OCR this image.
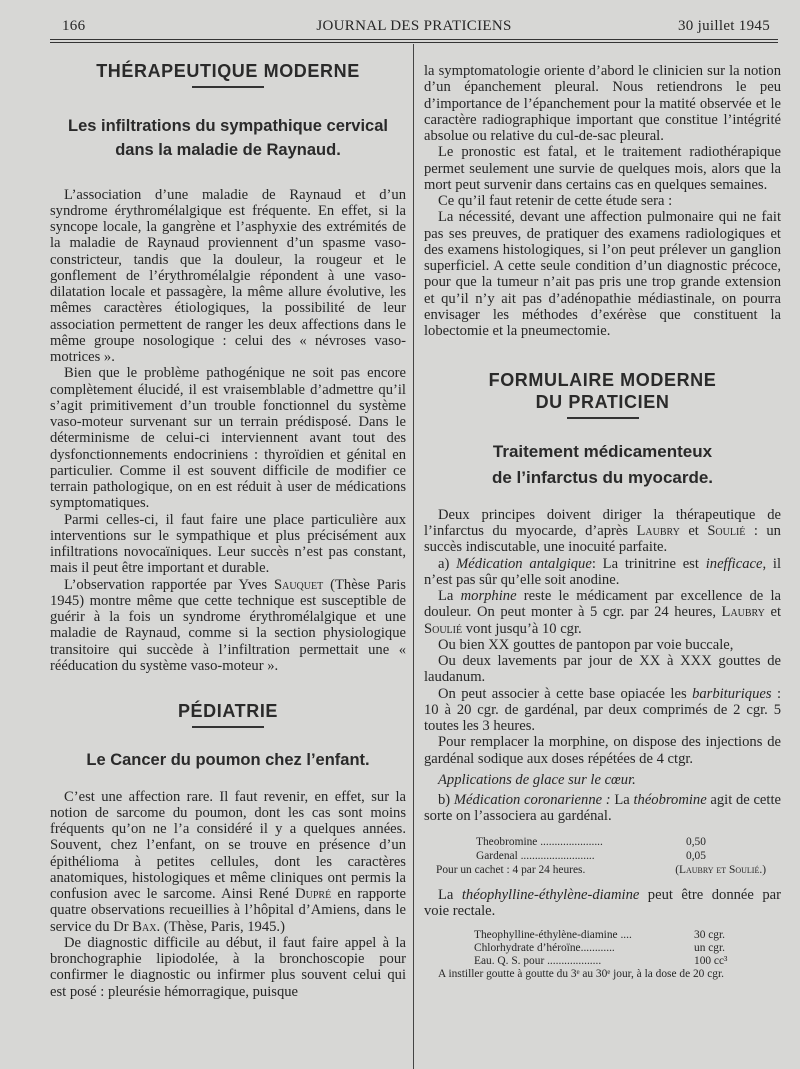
166	JOURNAL DES PRATICIENS	30 juillet 1945
THÉRAPEUTIQUE MODERNE
Les infiltrations du sympathique cervical
dans la maladie de Raynaud.

L’association d’une maladie de Raynaud et d’un syndrome érythromélalgique est fréquente. En effet, si la syncope locale, la gangrène et l’asphyxie des extrémités de la maladie de Raynaud proviennent d’un spasme vaso-constricteur, tandis que la douleur, la rougeur et le gonflement de l’érythromélalgie répondent à une vaso-dilatation locale et passagère, la même allure évolutive, les mêmes caractères étiologiques, la possibilité de leur association permettent de ranger les deux affections dans le même groupe nosologique : celui des « névroses vaso-motrices ».

Bien que le problème pathogénique ne soit pas encore complètement élucidé, il est vraisemblable d’admettre qu’il s’agit primitivement d’un trouble fonctionnel du système vaso-moteur survenant sur un terrain prédisposé. Dans le déterminisme de celui-ci interviennent avant tout des dysfonctionnements endocriniens : thyroïdien et génital en particulier. Comme il est souvent difficile de modifier ce terrain pathologique, on en est réduit à user de médications symptomatiques.

Parmi celles-ci, il faut faire une place particulière aux interventions sur le sympathique et plus précisément aux infiltrations novocaïniques. Leur succès n’est pas constant, mais il peut être important et durable.

L’observation rapportée par Yves Sauquet (Thèse Paris 1945) montre même que cette technique est susceptible de guérir à la fois un syndrome érythromélalgique et une maladie de Raynaud, comme si la section physiologique transitoire qui succède à l’infiltration permettait une « rééducation du système vaso-moteur ».

PÉDIATRIE
Le Cancer du poumon chez l’enfant.

C’est une affection rare. Il faut revenir, en effet, sur la notion de sarcome du poumon, dont les cas sont moins fréquents qu’on ne l’a considéré il y a quelques années. Souvent, chez l’enfant, on se trouve en présence d’un épithélioma à petites cellules, dont les caractères anatomiques, histologiques et même cliniques ont permis la confusion avec le sarcome. Ainsi René Dupré en rapporte quatre observations recueillies à l’hôpital d’Amiens, dans le service du Dr Bax. (Thèse, Paris, 1945.)

De diagnostic difficile au début, il faut faire appel à la bronchographie lipiodolée, à la bronchoscopie pour confirmer le diagnostic ou infirmer plus souvent celui qui est posé : pleurésie hémorragique, puisque

la symptomatologie oriente d’abord le clinicien sur la notion d’un épanchement pleural. Nous retiendrons le peu d’importance de l’épanchement pour la matité observée et le caractère radiographique important que constitue l’intégrité absolue ou relative du cul-de-sac pleural.

Le pronostic est fatal, et le traitement radiothérapique permet seulement une survie de quelques mois, alors que la mort peut survenir dans certains cas en quelques semaines.

Ce qu’il faut retenir de cette étude sera :

La nécessité, devant une affection pulmonaire qui ne fait pas ses preuves, de pratiquer des examens radiologiques et des examens histologiques, si l’on peut prélever un ganglion superficiel. A cette seule condition d’un diagnostic précoce, pour que la tumeur n’ait pas pris une trop grande extension et qu’il n’y ait pas d’adénopathie médiastinale, on pourra envisager les méthodes d’exérèse que constituent la lobectomie et la pneumectomie.

FORMULAIRE MODERNE
DU PRATICIEN
Traitement médicamenteux
de l’infarctus du myocarde.

Deux principes doivent diriger la thérapeutique de l’infarctus du myocarde, d’après Laubry et Soulié : un succès indiscutable, une inocuité parfaite.

a) Médication antalgique: La trinitrine est inefficace, il n’est pas sûr qu’elle soit anodine.

La morphine reste le médicament par excellence de la douleur. On peut monter à 5 cgr. par 24 heures, Laubry et Soulié vont jusqu’à 10 cgr.

Ou bien XX gouttes de pantopon par voie buccale,

Ou deux lavements par jour de XX à XXX gouttes de laudanum.

On peut associer à cette base opiacée les barbituriques : 10 à 20 cgr. de gardénal, par deux comprimés de 2 cgr. 5 toutes les 3 heures.

Pour remplacer la morphine, on dispose des injections de gardénal sodique aux doses répétées de 4 ctgr.

Applications de glace sur le cœur.

b) Médication coronarienne : La théobromine agit de cette sorte on l’associera au gardénal.

Theobromine ......................	0,50
Gardenal ..........................	0,05
Pour un cachet : 4 par 24 heures.	(Laubry et Soulié.)

La théophylline-éthylène-diamine peut être donnée par voie rectale.

Theophylline-éthylène-diamine ....	30 cgr.
Chlorhydrate d’héroïne............	un cgr.
Eau. Q. S. pour ...................	100 cc³
A instiller goutte à goutte du 3ᵉ au 30ᵉ jour, à la dose de 20 cgr.
